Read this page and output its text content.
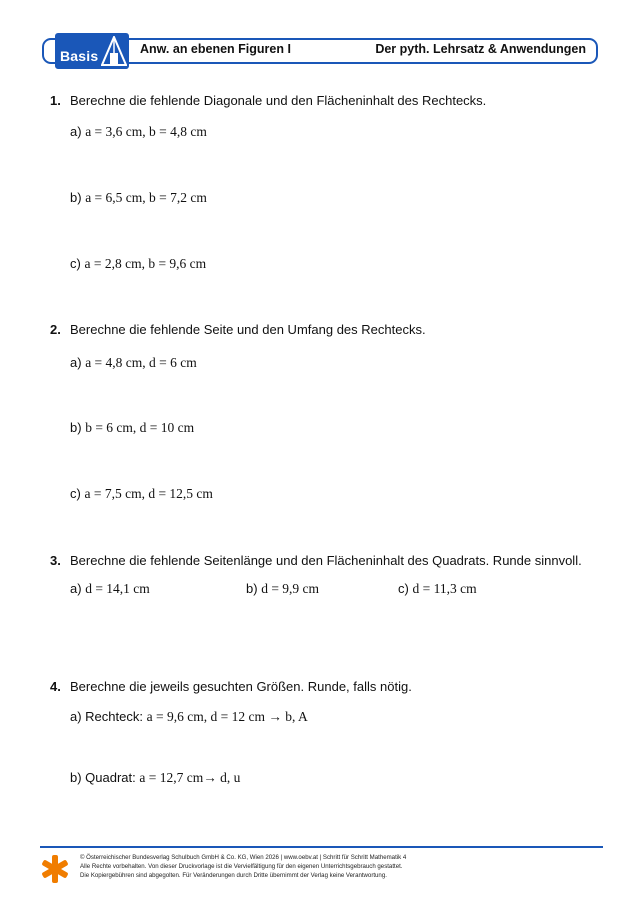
Basis	Anw. an ebenen Figuren I	Der pyth. Lehrsatz & Anwendungen
1. Berechne die fehlende Diagonale und den Flächeninhalt des Rechtecks.
a) a = 3,6 cm, b = 4,8 cm
b) a = 6,5 cm, b = 7,2 cm
c) a = 2,8 cm, b = 9,6 cm
2. Berechne die fehlende Seite und den Umfang des Rechtecks.
a) a = 4,8 cm, d = 6 cm
b) b = 6 cm, d = 10 cm
c) a = 7,5 cm, d = 12,5 cm
3. Berechne die fehlende Seitenlänge und den Flächeninhalt des Quadrats. Runde sinnvoll.
a) d = 14,1 cm	b) d = 9,9 cm	c) d = 11,3 cm
4. Berechne die jeweils gesuchten Größen. Runde, falls nötig.
a) Rechteck: a = 9,6 cm, d = 12 cm → b, A
b) Quadrat: a = 12,7 cm→ d, u
© Österreichischer Bundesverlag Schulbuch GmbH & Co. KG, Wien 2026 | www.oebv.at | Schritt für Schritt Mathematik 4
Alle Rechte vorbehalten. Von dieser Druckvorlage ist die Vervielfältigung für den eigenen Unterrichtsgebrauch gestattet.
Die Kopiergebühren sind abgegolten. Für Veränderungen durch Dritte übernimmt der Verlag keine Verantwortung.
